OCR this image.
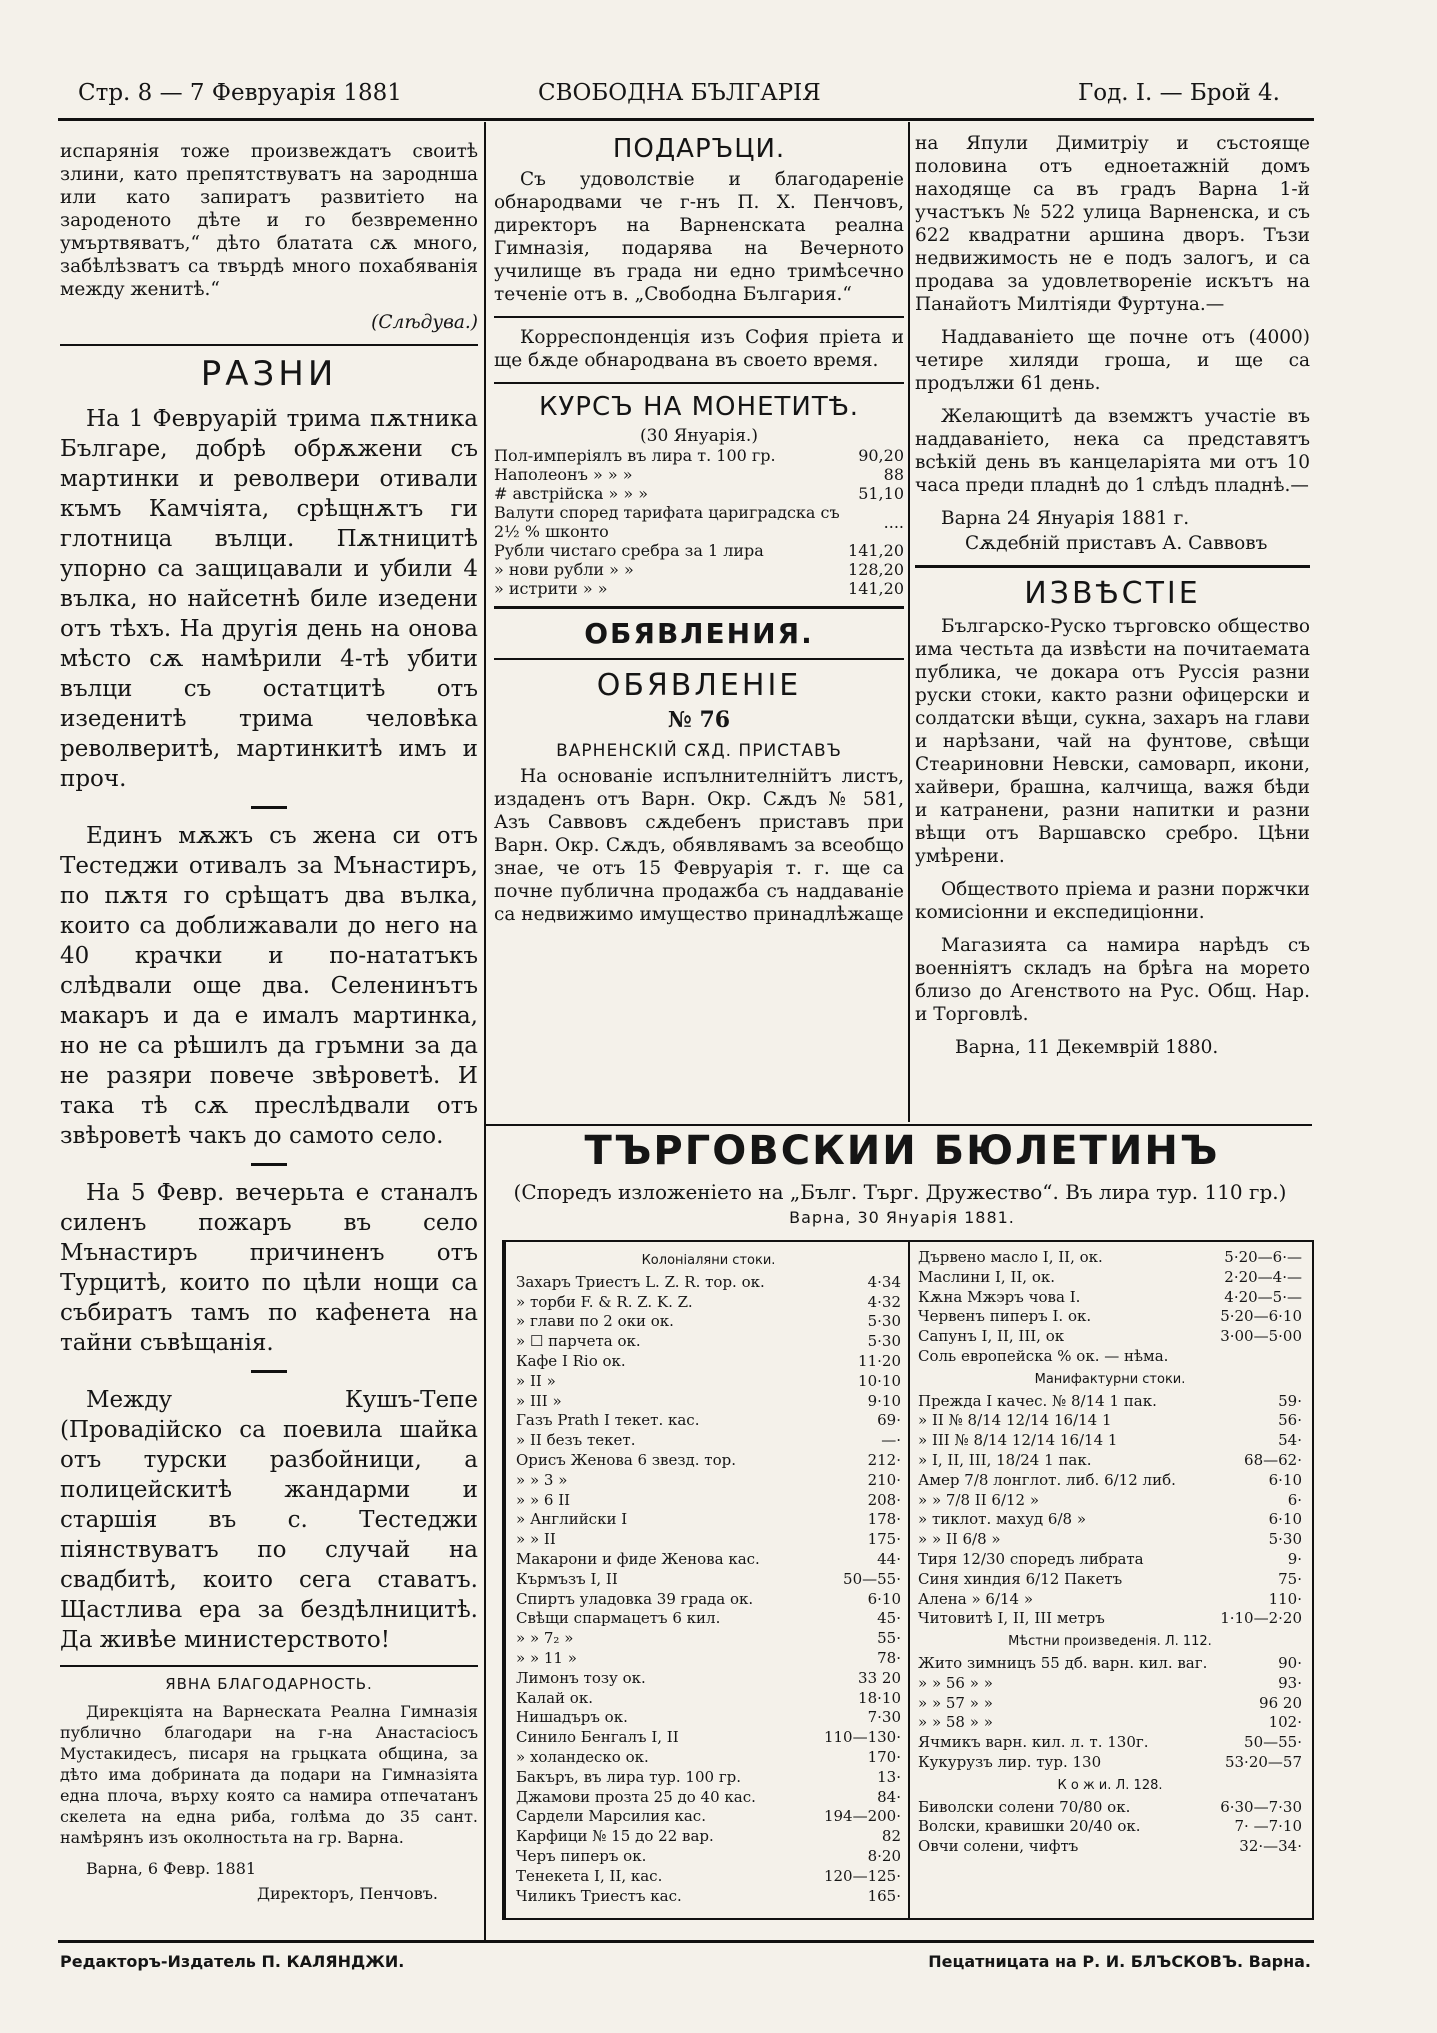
Стр. 8 — 7 Февруарія 1881	СВОБОДНА БЪЛГАРІЯ	Год. I. — Брой 4.

испарянія тоже произвеждатъ своитѣ злини, като препятствуватъ на зароднша или като запиратъ развитіето на зароденото дѣте и го безвременно умъртвяватъ,“ дѣто блатата сѫ много, забѣлѣзватъ са твърдѣ много похабяванія между женитѣ.“

(Слѣдува.)

РАЗНИ

На 1 Февруарій трима пѫтника Българе, добрѣ обрѫжени съ мартинки и револвери отивали къмъ Камчіята, срѣщнѫтъ ги глотница вълци. Пѫтницитѣ упорно са защицавали и убили 4 вълка, но найсетнѣ биле изедени отъ тѣхъ. На другія день на онова мѣсто сѫ намѣрили 4-тѣ убити вълци съ остатцитѣ отъ изеденитѣ трима человѣка револверитѣ, мартинкитѣ имъ и проч.

Единъ мѫжъ съ жена си отъ Тестеджи отивалъ за Мънастиръ, по пѫтя го срѣщатъ два вълка, които са доближавали до него на 40 крачки и по-нататъкъ слѣдвали още два. Селенинътъ макаръ и да е ималъ мартинка, но не са рѣшилъ да гръмни за да не разяри повече звѣроветѣ. И така тѣ сѫ преслѣдвали отъ звѣроветѣ чакъ до самото село.

На 5 Февр. вечерьта е станалъ силенъ пожаръ въ село Мънастиръ причиненъ отъ Турцитѣ, които по цѣли нощи са събиратъ тамъ по кафенета на тайни съвѣщанія.

Между Кушъ-Тепе (Провадійско са поевила шайка отъ турски разбойници, а полицейскитѣ жандарми и старшія въ с. Тестеджи піянствуватъ по случай на свадбитѣ, които сега ставатъ. Щастлива ера за бездѣлницитѣ. Да живѣе министерството!

ЯВНА БЛАГОДАРНОСТЬ.

Дирекціята на Варнеската Реална Гимназія публично благодари на г-на Анастасіосъ Мустакидесъ, писаря на грьцката община, за дѣто има добрината да подари на Гимназіята една плоча, върху която са намира отпечатанъ скелета на една риба, голѣма до 35 сант. намѣрянъ изъ околностьта на гр. Варна.

Варна, 6 Февр. 1881

Директоръ, Пенчовъ.

ПОДАРЪЦИ.

Съ удоволствіе и благодареніе обнародвами че г-нъ П. Х. Пенчовъ, директоръ на Варненската реална Гимназія, подарява на Вечерното училище въ града ни едно тримѣсечно теченіе отъ в. „Свободна България.“

Корреспонденція изъ София пріета и ще бѫде обнародвана въ своето время.

КУРСЪ НА МОНЕТИТѢ.
(30 Януарія.)
Пол-имперіялъ въ лира т. 100 гр.	90,20
Наполеонъ » » »	88
# австрійска » » »	51,10
Валути според тарифата цариградска съ 2½ % шконто	....
Рубли чистаго сребра за 1 лира	141,20
» нови рубли » »	128,20
» истрити » »	141,20
ОБЯВЛЕНИЯ.
ОБЯВЛЕНІЕ
№ 76
ВАРНЕНСКІЙ СѪД. ПРИСТАВЪ

На основаніе испълнителнійтъ листъ, издаденъ отъ Варн. Окр. Сѫдъ № 581, Азъ Сaввовъ сѫдебенъ приставъ при Варн. Окр. Сѫдъ, обявлявамъ за всеобщо знае, че отъ 15 Февруарія т. г. ще са почне публична продажба съ наддаваніе са недвижимо имущество принадлѣжаще

на Япули Димитріу и състояще половина отъ едноетажній домъ находяще са въ градъ Варна 1-й участъкъ № 522 улица Варненска, и съ 622 квадратни аршина дворъ. Тъзи недвижимость не е подъ залогъ, и са продава за удовлетвореніе искътъ на Панайотъ Милтіяди Фуртуна.—

Наддаваніето ще почне отъ (4000) четире хиляди гроша, и ще са продължи 61 день.

Желающитѣ да вземжтъ участіе въ наддаваніето, нека са представятъ всѣкій день въ канцеларіята ми отъ 10 часа преди пладнѣ до 1 слѣдъ пладнѣ.—

Варна 24 Януарія 1881 г.

Сѫдебній приставъ А. Саввовъ

ИЗВѢСТІЕ

Българско-Руско търговско общество има честьта да извѣсти на почитаемата публика, че докара отъ Руссія разни руски стоки, както разни офицерски и солдатски вѣщи, сукна, захаръ на глави и нарѣзани, чай на фунтове, свѣщи Стеариновни Невски, самоварп, икони, хайвери, брашна, калчища, важя бѣди и катранени, разни напитки и разни вѣщи отъ Варшавско сребро. Цѣни умѣрени.

Обществото пріема и разни поржчки комисіонни и експедиціонни.

Магазията са намира нарѣдъ съ военніятъ складъ на брѣга на морето близо до Агенството на Рус. Общ. Нар. и Торговлѣ.

Варна, 11 Декемврій 1880.

ТЪРГОВСКИИ БЮЛЕТИНЪ
(Споредъ изложеніето на „Бълг. Търг. Дружество“. Въ лира тур. 110 гр.)
Варна, 30 Януарія 1881.
Колоніаляни стоки.	
Захаръ Триестъ L. Z. R. тор. ок.	4·34
» торби F. & R. Z. K. Z.	4·32
» глави по 2 оки ок.	5·30
» ☐ парчета ок.	5·30
Кафе I Rio ок.	11·20
» II »	10·10
» III »	9·10
Газъ Prath I текет. кас.	69·
» II безъ текет.	—·
Орисъ Женова 6 звезд. тор.	212·
» » 3 »	210·
» » 6 II	208·
» Английски I	178·
» » II	175·
Макарони и фиде Женова кас.	44·
Кърмъзъ I, II	50—55·
Спиртъ уладовка 39 града ок.	6·10
Свѣщи спармацетъ 6 кил.	45·
» » 7₂ »	55·
» » 11 »	78·
Лимонъ тозу ок.	33 20
Калай ок.	18·10
Нишадъръ ок.	7·30
Синило Бенгалъ I, II	110—130·
» холандеско ок.	170·
Бакъръ, въ лира тур. 100 гр.	13·
Джамови прозта 25 до 40 кас.	84·
Сардели Марсилия кас.	194—200·
Карфици № 15 до 22 вар.	82
Черъ пиперъ ок.	8·20
Тенекета I, II, кас.	120—125·
Чиликъ Триестъ кас.	165·
Дървено масло I, II, ок.	5·20—6·—
Маслини I, II, ок.	2·20—4·—
Кѫна Мжэръ чова I.	4·20—5·—
Червенъ пиперъ I. ок.	5·20—6·10
Сапунъ I, II, III, ок	3·00—5·00
Соль европейска % ок. — нѣма.	
Манифактурни стоки.	
Прежда I качес. № 8/14 1 пак.	59·
» II № 8/14 12/14 16/14 1	56·
» III № 8/14 12/14 16/14 1	54·
» I, II, III, 18/24 1 пак.	68—62·
Амер 7/8 лонглот. либ. 6/12 либ.	6·10
» » 7/8 II 6/12 »	6·
» тиклот. махуд 6/8 »	6·10
» » II 6/8 »	5·30
Тиря 12/30 споредъ либрата	9·
Синя хиндия 6/12 Пакетъ	75·
Алена » 6/14 »	110·
Читовитѣ I, II, III метръ	1·10—2·20
Мѣстни произведенія. Л. 112.	
Жито зимницъ 55 дб. варн. кил. ваг.	90·
» » 56 » »	93·
» » 57 » »	96 20
» » 58 » »	102·
Ячмикъ варн. кил. л. т. 130г.	50—55·
Кукурузъ лир. тур. 130	53·20—57
К о ж и. Л. 128.	
Биволски солени 70/80 ок.	6·30—7·30
Волски, кравишки 20/40 ок.	7· —7·10
Овчи солени, чифтъ	32·—34·
Редакторъ-Издатель П. КАЛЯНДЖИ.	Пецатницата на Р. И. БЛЪСКОВЪ. Варна.
